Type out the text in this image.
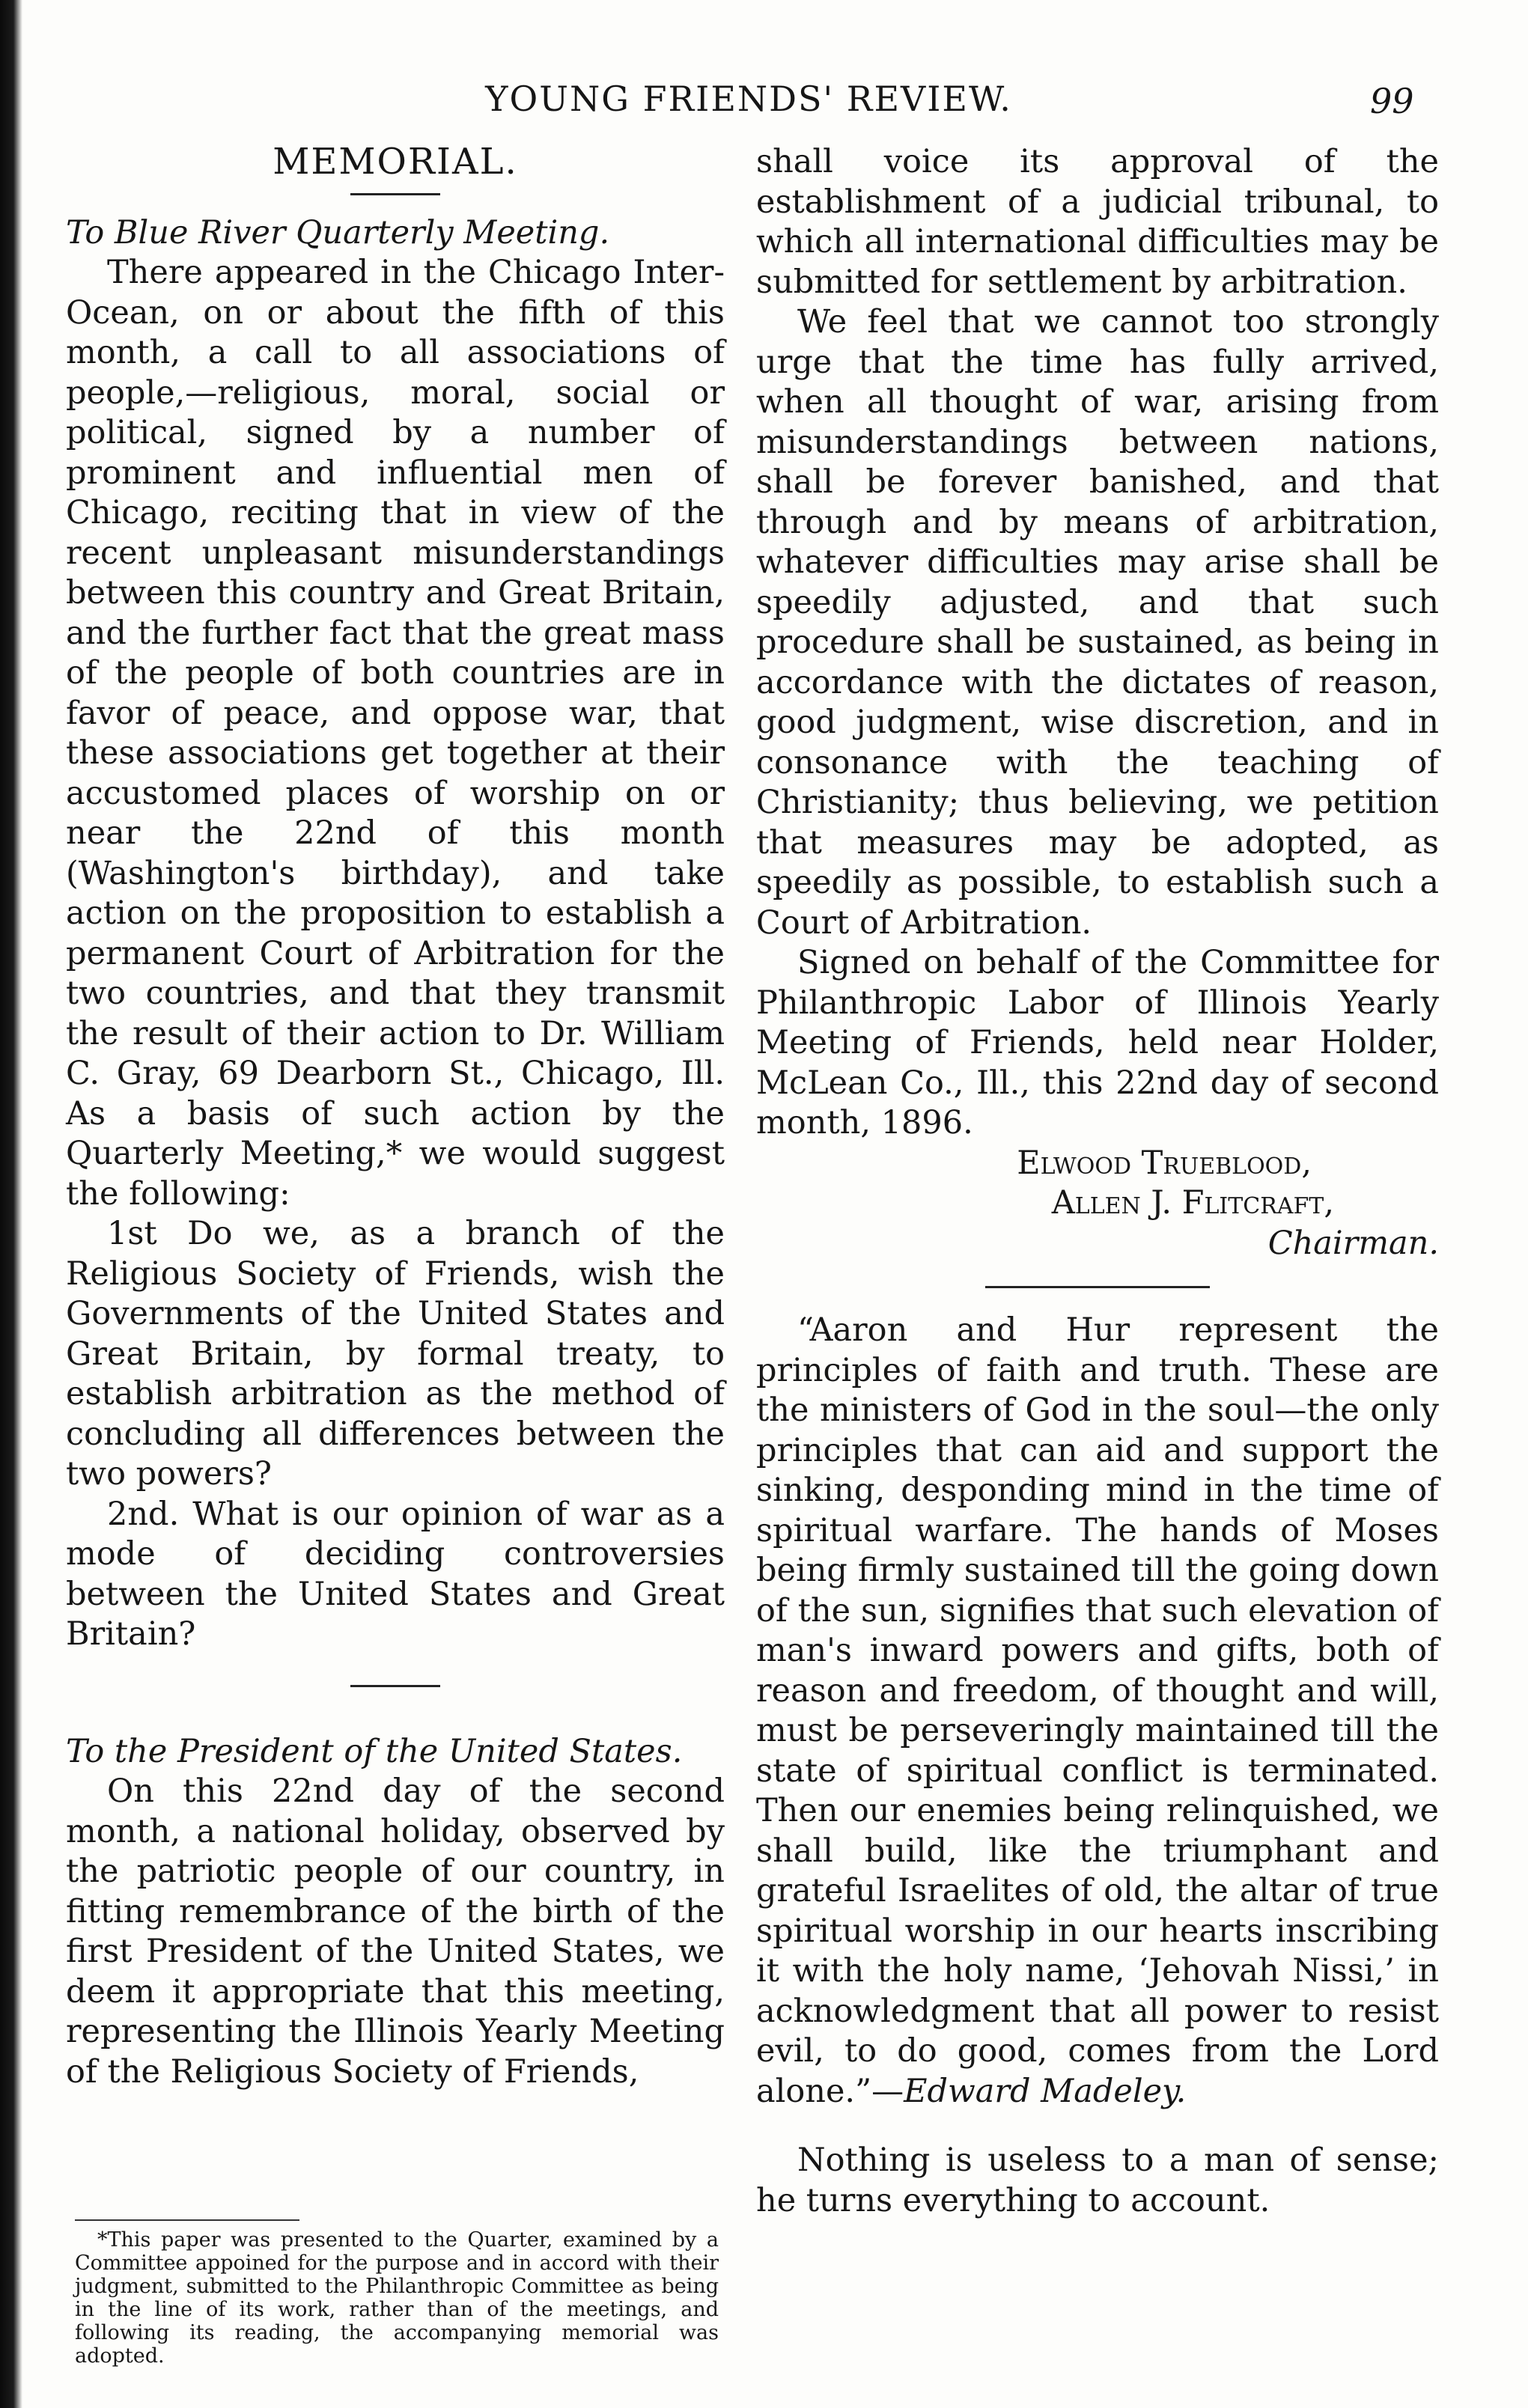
YOUNG FRIENDS' REVIEW.	99
MEMORIAL.

To Blue River Quarterly Meeting.

There appeared in the Chicago Inter-Ocean, on or about the fifth of this month, a call to all associations of people,—religious, moral, social or political, signed by a number of prominent and influential men of Chicago, reciting that in view of the recent unpleasant misunderstandings between this country and Great Britain, and the further fact that the great mass of the people of both countries are in favor of peace, and oppose war, that these associations get together at their accustomed places of worship on or near the 22nd of this month (Washington's birthday), and take action on the proposition to establish a permanent Court of Arbitration for the two countries, and that they transmit the result of their action to Dr. William C. Gray, 69 Dearborn St., Chicago, Ill. As a basis of such action by the Quarterly Meeting,* we would suggest the following:

1st Do we, as a branch of the Religious Society of Friends, wish the Governments of the United States and Great Britain, by formal treaty, to establish arbitration as the method of concluding all differences between the two powers?

2nd. What is our opinion of war as a mode of deciding controversies between the United States and Great Britain?

To the President of the United States.

On this 22nd day of the second month, a national holiday, observed by the patriotic people of our country, in fitting remembrance of the birth of the first President of the United States, we deem it appropriate that this meeting, representing the Illinois Yearly Meeting of the Religious Society of Friends,

shall voice its approval of the establishment of a judicial tribunal, to which all international difficulties may be submitted for settlement by arbitration.

We feel that we cannot too strongly urge that the time has fully arrived, when all thought of war, arising from misunderstandings between nations, shall be forever banished, and that through and by means of arbitration, whatever difficulties may arise shall be speedily adjusted, and that such procedure shall be sustained, as being in accordance with the dictates of reason, good judgment, wise discretion, and in consonance with the teaching of Christianity; thus believing, we petition that measures may be adopted, as speedily as possible, to establish such a Court of Arbitration.

Signed on behalf of the Committee for Philanthropic Labor of Illinois Yearly Meeting of Friends, held near Holder, McLean Co., Ill., this 22nd day of second month, 1896.

Elwood Trueblood,
Allen J. Flitcraft,
Chairman.

“Aaron and Hur represent the principles of faith and truth. These are the ministers of God in the soul—the only principles that can aid and support the sinking, desponding mind in the time of spiritual warfare. The hands of Moses being firmly sustained till the going down of the sun, signifies that such elevation of man's inward powers and gifts, both of reason and freedom, of thought and will, must be perseveringly maintained till the state of spiritual conflict is terminated. Then our enemies being relinquished, we shall build, like the triumphant and grateful Israelites of old, the altar of true spiritual worship in our hearts inscribing it with the holy name, ‘Jehovah Nissi,’ in acknowledgment that all power to resist evil, to do good, comes from the Lord alone.”—Edward Madeley.

Nothing is useless to a man of sense; he turns everything to account.

*This paper was presented to the Quarter, examined by a Committee appoined for the purpose and in accord with their judgment, submitted to the Philanthropic Committee as being in the line of its work, rather than of the meetings, and following its reading, the accompanying memorial was adopted.
